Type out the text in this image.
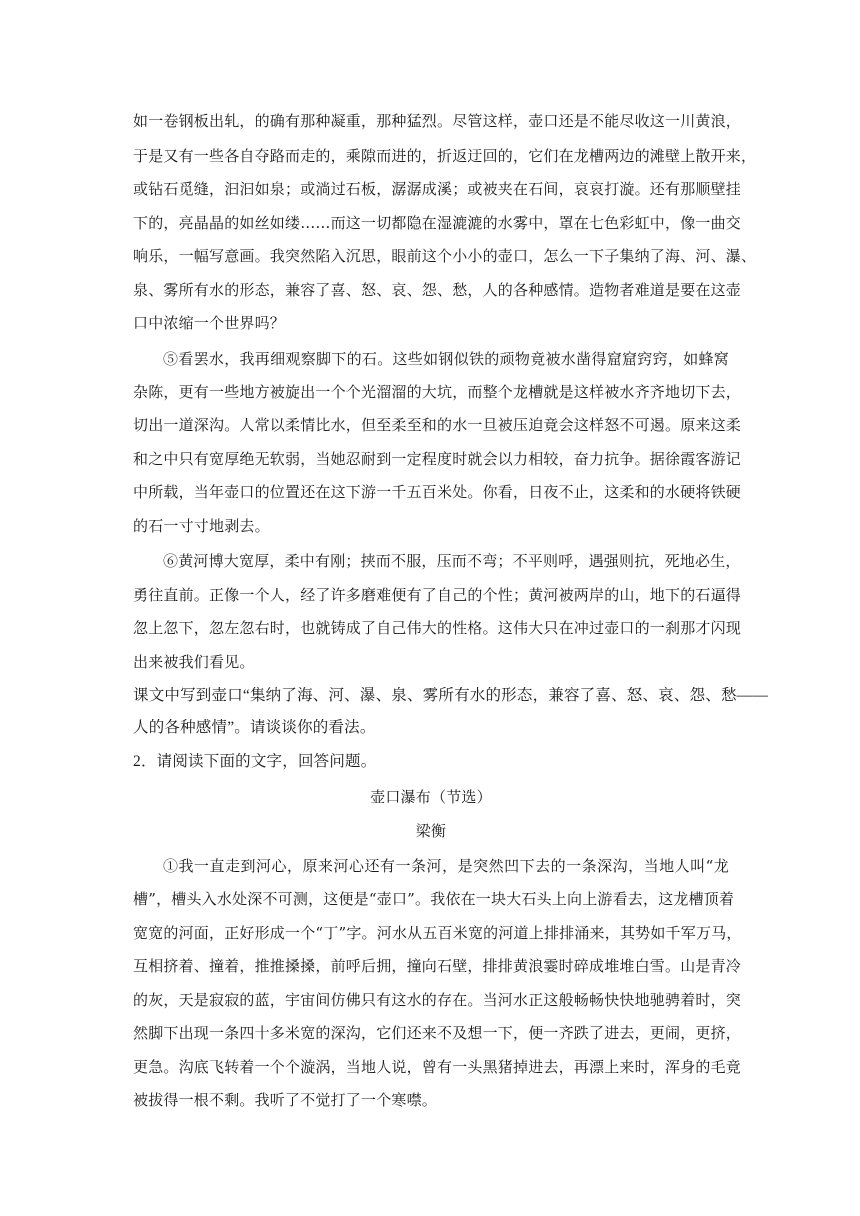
如一卷钢板出轧，的确有那种凝重，那种猛烈。尽管这样，壶口还是不能尽收这一川黄浪，
于是又有一些各自夺路而走的，乘隙而进的，折返迂回的，它们在龙槽两边的滩壁上散开来，
或钻石觅缝，汩汩如泉；或淌过石板，潺潺成溪；或被夹在石间，哀哀打漩。还有那顺壁挂
下的，亮晶晶的如丝如缕……而这一切都隐在湿漉漉的水雾中，罩在七色彩虹中，像一曲交
响乐，一幅写意画。我突然陷入沉思，眼前这个小小的壶口，怎么一下子集纳了海、河、瀑、
泉、雾所有水的形态，兼容了喜、怒、哀、怨、愁，人的各种感情。造物者难道是要在这壶
口中浓缩一个世界吗？
⑤看罢水，我再细观察脚下的石。这些如钢似铁的顽物竟被水凿得窟窟窍窍，如蜂窝
杂陈，更有一些地方被旋出一个个光溜溜的大坑，而整个龙槽就是这样被水齐齐地切下去，
切出一道深沟。人常以柔情比水，但至柔至和的水一旦被压迫竟会这样怒不可遏。原来这柔
和之中只有宽厚绝无软弱，当她忍耐到一定程度时就会以力相较，奋力抗争。据徐霞客游记
中所载，当年壶口的位置还在这下游一千五百米处。你看，日夜不止，这柔和的水硬将铁硬
的石一寸寸地剥去。
⑥黄河博大宽厚，柔中有刚；挟而不服，压而不弯；不平则呼，遇强则抗，死地必生，
勇往直前。正像一个人，经了许多磨难便有了自己的个性；黄河被两岸的山，地下的石逼得
忽上忽下，忽左忽右时，也就铸成了自己伟大的性格。这伟大只在冲过壶口的一刹那才闪现
出来被我们看见。
课文中写到壶口“集纳了海、河、瀑、泉、雾所有水的形态，兼容了喜、怒、哀、怨、愁——
人的各种感情”。请谈谈你的看法。
2．请阅读下面的文字，回答问题。
壶口瀑布（节选）
梁衡
①我一直走到河心，原来河心还有一条河，是突然凹下去的一条深沟，当地人叫“龙
槽”，槽头入水处深不可测，这便是“壶口”。我依在一块大石头上向上游看去，这龙槽顶着
宽宽的河面，正好形成一个“丁”字。河水从五百米宽的河道上排排涌来，其势如千军万马，
互相挤着、撞着，推推搡搡，前呼后拥，撞向石壁，排排黄浪霎时碎成堆堆白雪。山是青冷
的灰，天是寂寂的蓝，宇宙间仿佛只有这水的存在。当河水正这般畅畅快快地驰骋着时，突
然脚下出现一条四十多米宽的深沟，它们还来不及想一下，便一齐跌了进去，更闹，更挤，
更急。沟底飞转着一个个漩涡，当地人说，曾有一头黑猪掉进去，再漂上来时，浑身的毛竟
被拔得一根不剩。我听了不觉打了一个寒噤。
